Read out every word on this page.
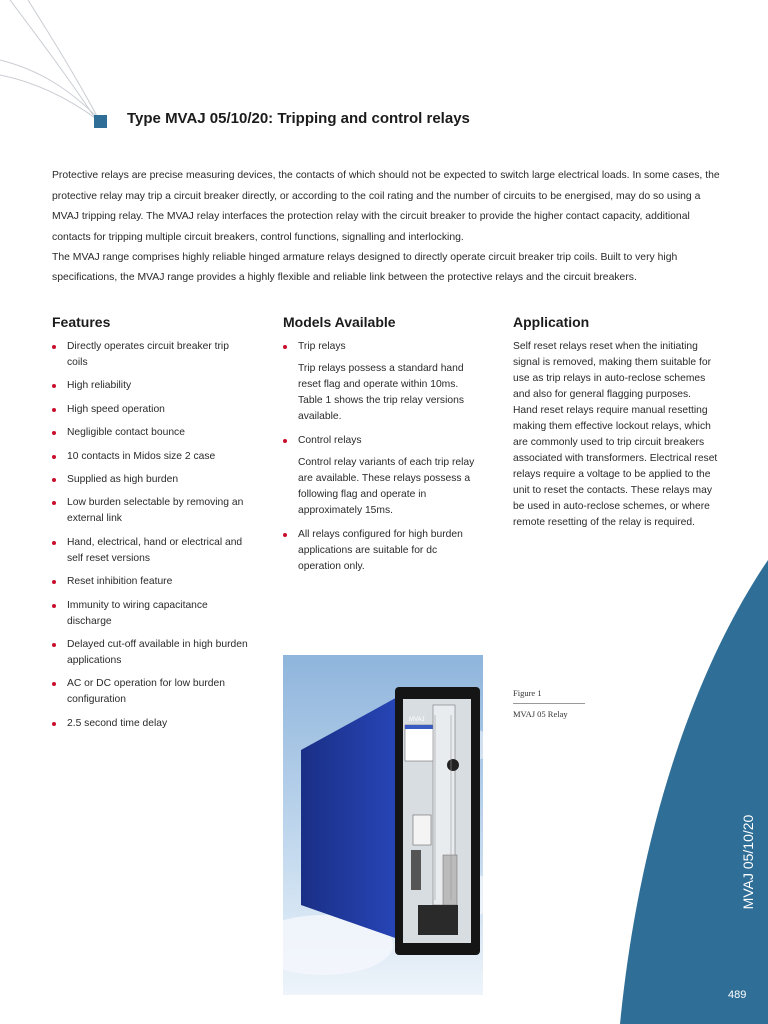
Type MVAJ 05/10/20: Tripping and control relays

Protective relays are precise measuring devices, the contacts of which should not be expected to switch large electrical loads. In some cases, the protective relay may trip a circuit breaker directly, or according to the coil rating and the number of circuits to be energised, may do so using a MVAJ tripping relay. The MVAJ relay interfaces the protection relay with the circuit breaker to provide the higher contact capacity, additional contacts for tripping multiple circuit breakers, control functions, signalling and interlocking.

The MVAJ range comprises highly reliable hinged armature relays designed to directly operate circuit breaker trip coils. Built to very high specifications, the MVAJ range provides a highly flexible and reliable link between the protective relays and the circuit breakers.

Features
Directly operates circuit breaker trip coils
High reliability
High speed operation
Negligible contact bounce
10 contacts in Midos size 2 case
Supplied as high burden
Low burden selectable by removing an external link
Hand, electrical, hand or electrical and self reset versions
Reset inhibition feature
Immunity to wiring capacitance discharge
Delayed cut-off available in high burden applications
AC or DC operation for low burden configuration
2.5 second time delay
Models Available
Trip relays

Trip relays possess a standard hand reset flag and operate within 10ms. Table 1 shows the trip relay versions available.

Control relays

Control relay variants of each trip relay are available. These relays possess a following flag and operate in approximately 15ms.

All relays configured for high burden applications are suitable for dc operation only.
Application

Self reset relays reset when the initiating signal is removed, making them suitable for use as trip relays in auto-reclose schemes and also for general flagging purposes. Hand reset relays require manual resetting making them effective lockout relays, which are commonly used to trip circuit breakers associated with transformers. Electrical reset relays require a voltage to be applied to the unit to reset the contacts. These relays may be used in auto-reclose schemes, or where remote resetting of the relay is required.

MVAJ
Figure 1
MVAJ 05 Relay
MVAJ 05/10/20
489
